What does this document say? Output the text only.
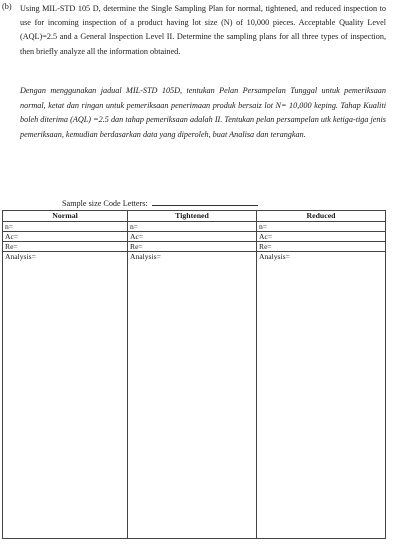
(b) Using MIL-STD 105 D, determine the Single Sampling Plan for normal, tightened, and reduced inspection to use for incoming inspection of a product having lot size (N) of 10,000 pieces. Acceptable Quality Level (AQL)=2.5 and a General Inspection Level II. Determine the sampling plans for all three types of inspection, then briefly analyze all the information obtained.
Dengan menggunakan jadual MIL-STD 105D, tentukan Pelan Persampelan Tunggal untuk pemeriksaan normal, ketat dan ringan untuk pemeriksaan penerimaan produk bersaiz lot N= 10,000 keping. Tahap Kualiti boleh diterima (AQL) =2.5 dan tahap pemeriksaan adalah II. Tentukan pelan persampelan utk ketiga-tiga jenis pemeriksaan, kemudian berdasarkan data yang diperoleh, buat Analisa dan terangkan.
Sample size Code Letters:
Normal	Tightened	Reduced
n=	n=	n=
Ac=	Ac=	Ac=
Re=	Re=	Re=
Analysis=	Analysis=	Analysis=
